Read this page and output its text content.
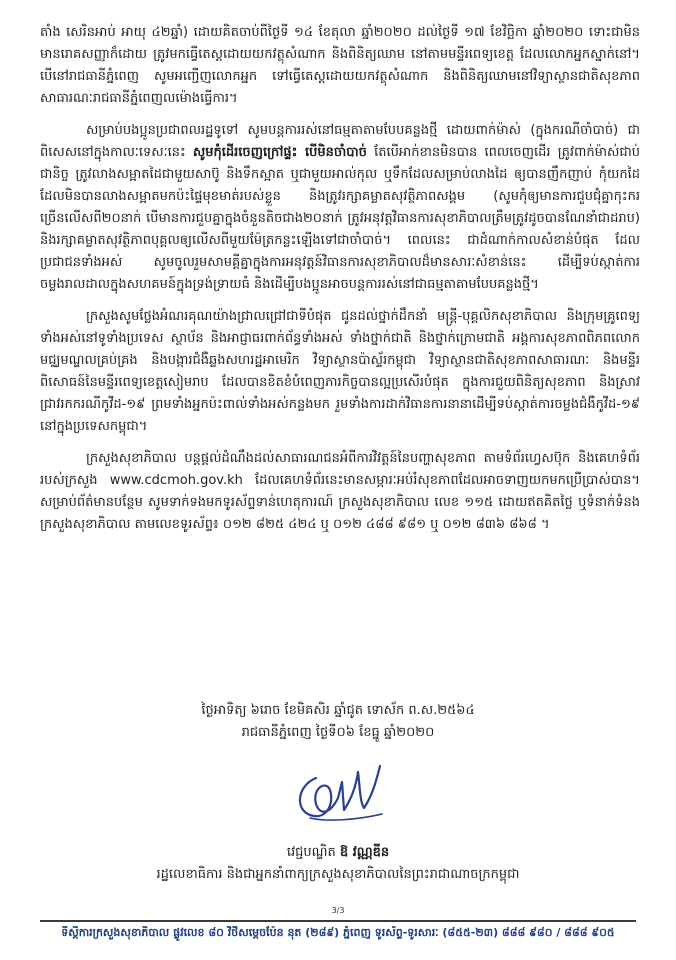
តាំង សេរិនអាប់ អាយុ ៤២ឆ្នាំ) ដោយគិតចាប់ពីថ្ងៃទី ១៤ ខែតុលា ឆ្នាំ២០២០ ដល់ថ្ងៃទី ១៧ ខែវិច្ឆិកា ឆ្នាំ២០២០ ទោះជាមិនមានរោគសញ្ញាក៏ដោយ ត្រូវមកធ្វើតេស្តដោយយកវត្ថុសំណាក និងពិនិត្យឈាម នៅតាមមន្ទីរពេទ្យខេត្ត ដែលលោកអ្នកស្នាក់នៅ។ បើនៅរាជធានីភ្នំពេញ សូមអញ្ជើញលោកអ្នក ទៅធ្វើតេស្តដោយយកវត្ថុសំណាក និងពិនិត្យឈាមនៅវិទ្យាស្ថានជាតិសុខភាពសាធារណៈរាជធានីភ្នំពេញលម៉ោងធ្វើការ។

សម្រាប់បងប្អូនប្រជាពលរដ្ឋទូទៅ សូមបន្តការរស់នៅធម្មតាតាមបែបគន្លងថ្មី ដោយពាក់ម៉ាស់ (ក្នុងករណីចាំបាច់) ជាពិសេសនៅក្នុងកាលៈទេសៈនេះ សូមកុំដើរចេញក្រៅផ្ទះ បើមិនចាំបាច់ តែបើអាក់ខានមិនបាន ពេលចេញដើរ ត្រូវពាក់ម៉ាស់ជាប់ជានិច្ច ត្រូវលាងសម្អាតដៃជាមួយសាប៊ូ និងទឹកស្អាត ឬជាមួយអាល់កុល ឬទឹកដែលសម្រាប់លាងដៃ ឲ្យបានញឹកញាប់ កុំយកដៃដែលមិនបានលាងសម្អាតមកប៉ះផ្ទៃមុខមាត់របស់ខ្លួន និងត្រូវរក្សាគម្លាតសុវត្ថិភាពសង្គម (សូមកុំឲ្យមានការជួបជុំគ្នាកុះករច្រើនលើសពី២០នាក់ បើមានការជួបគ្នាក្នុងចំនួនតិចជាង២០នាក់ ត្រូវអនុវត្តវិធានការសុខាភិបាលត្រឹមត្រូវដូចបានណែនាំជាដរាប) និងរក្សាគម្លាតសុវត្ថិភាពបុគ្គលឲ្យលើសពីមួយម៉ែត្រកន្លះឡើងទៅជាចាំបាច់។ ពេលនេះ ជាដំណាក់កាលសំខាន់បំផុត ដែលប្រជាជនទាំងអស់ សូមចូលរួមសាមគ្គីគ្នាក្នុងការអនុវត្តន៍វិធានការសុខាភិបាលដ៏មានសារៈសំខាន់នេះ ដើម្បីទប់ស្កាត់ការចម្លងរាលដាលក្នុងសហគមន៍ក្នុងទ្រង់ទ្រាយធំ និងដើម្បីបងប្អូនអាចបន្តការរស់នៅជាធម្មតាតាមបែបគន្លងថ្មី។

ក្រសួងសូមថ្លែងអំណរគុណយ៉ាងជ្រាលជ្រៅជាទីបំផុត ជូនដល់ថ្នាក់ដឹកនាំ មន្ត្រី-បុគ្គលិកសុខាភិបាល និងក្រុមគ្រូពេទ្យទាំងអស់នៅទូទាំងប្រទេស ស្ថាប័ន និងអាជ្ញាធរពាក់ព័ន្ធទាំងអស់ ទាំងថ្នាក់ជាតិ និងថ្នាក់ក្រោមជាតិ អង្គការសុខភាពពិភពលោក មជ្ឈមណ្ឌលគ្រប់គ្រង និងបង្ការជំងឺឆ្លងសហរដ្ឋអាមេរិក វិទ្យាស្ថានប៉ាស្ទ័រកម្ពុជា វិទ្យាស្ថានជាតិសុខភាពសាធារណៈ និងមន្ទីរពិសោធន៍នៃមន្ទីរពេទ្យខេត្តសៀមរាប ដែលបានខិតខំបំពេញភារកិច្ចបានល្អប្រសើរបំផុត ក្នុងការជួយពិនិត្យសុខភាព និងស្រាវជ្រាវរកករណីកូវីដ-១៩ ព្រមទាំងអ្នកប៉ះពាល់ទាំងអស់កន្លងមក រួមទាំងការដាក់វិធានការនានាដើម្បីទប់ស្កាត់ការចម្លងជំងឺកូវីដ-១៩ នៅក្នុងប្រទេសកម្ពុជា។

ក្រសួងសុខាភិបាល បន្តផ្តល់ដំណឹងដល់សាធារណជនអំពីការវិវត្តន៍នៃបញ្ហាសុខភាព តាមទំព័រហ្វេសប៊ុក និងគេហទំព័ររបស់ក្រសួង www.cdcmoh.gov.kh ដែលគេហទំព័រនេះមានសម្ភារៈអប់រំសុខភាពដែលអាចទាញយកមកប្រើប្រាស់បាន។ សម្រាប់ព័ត៌មានបន្ថែម សូមទាក់ទងមកទូរស័ព្ទទាន់ហេតុការណ៍ ក្រសួងសុខាភិបាល លេខ ១១៥ ដោយឥតគិតថ្លៃ ឬទំនាក់ទំនងក្រសួងសុខាភិបាល តាមលេខទូរស័ព្ទ៖ ០១២ ៨២៥ ៤២៤ ឬ ០១២ ៤៨៨ ៩៨១ ឬ ០១២ ៨៣៦ ៨៦៨ ។

ថ្ងៃអាទិត្យ ៦រោច ខែមិគសិរ ឆ្នាំជូត ទោស័ក ព.ស.២៥៦៤
រាជធានីភ្នំពេញ ថ្ងៃទី០៦ ខែធ្នូ ឆ្នាំ២០២០
វេជ្ជបណ្ឌិត ឱ វណ្ណឌីន
រដ្ឋលេខាធិការ និងជាអ្នកនាំពាក្យក្រសួងសុខាភិបាលនៃព្រះរាជាណាចក្រកម្ពុជា
3/3
ទីស្តីការក្រសួងសុខាភិបាល ផ្លូវលេខ ៨០ វិថីសម្តេចប៉ែន នុត (២៨៩) ភ្នំពេញ ទូរស័ព្ទ-ទូរសារៈ (៨៥៥-២៣) ៨៨៨ ៩៨០ / ៨៨៨ ៩០៥
